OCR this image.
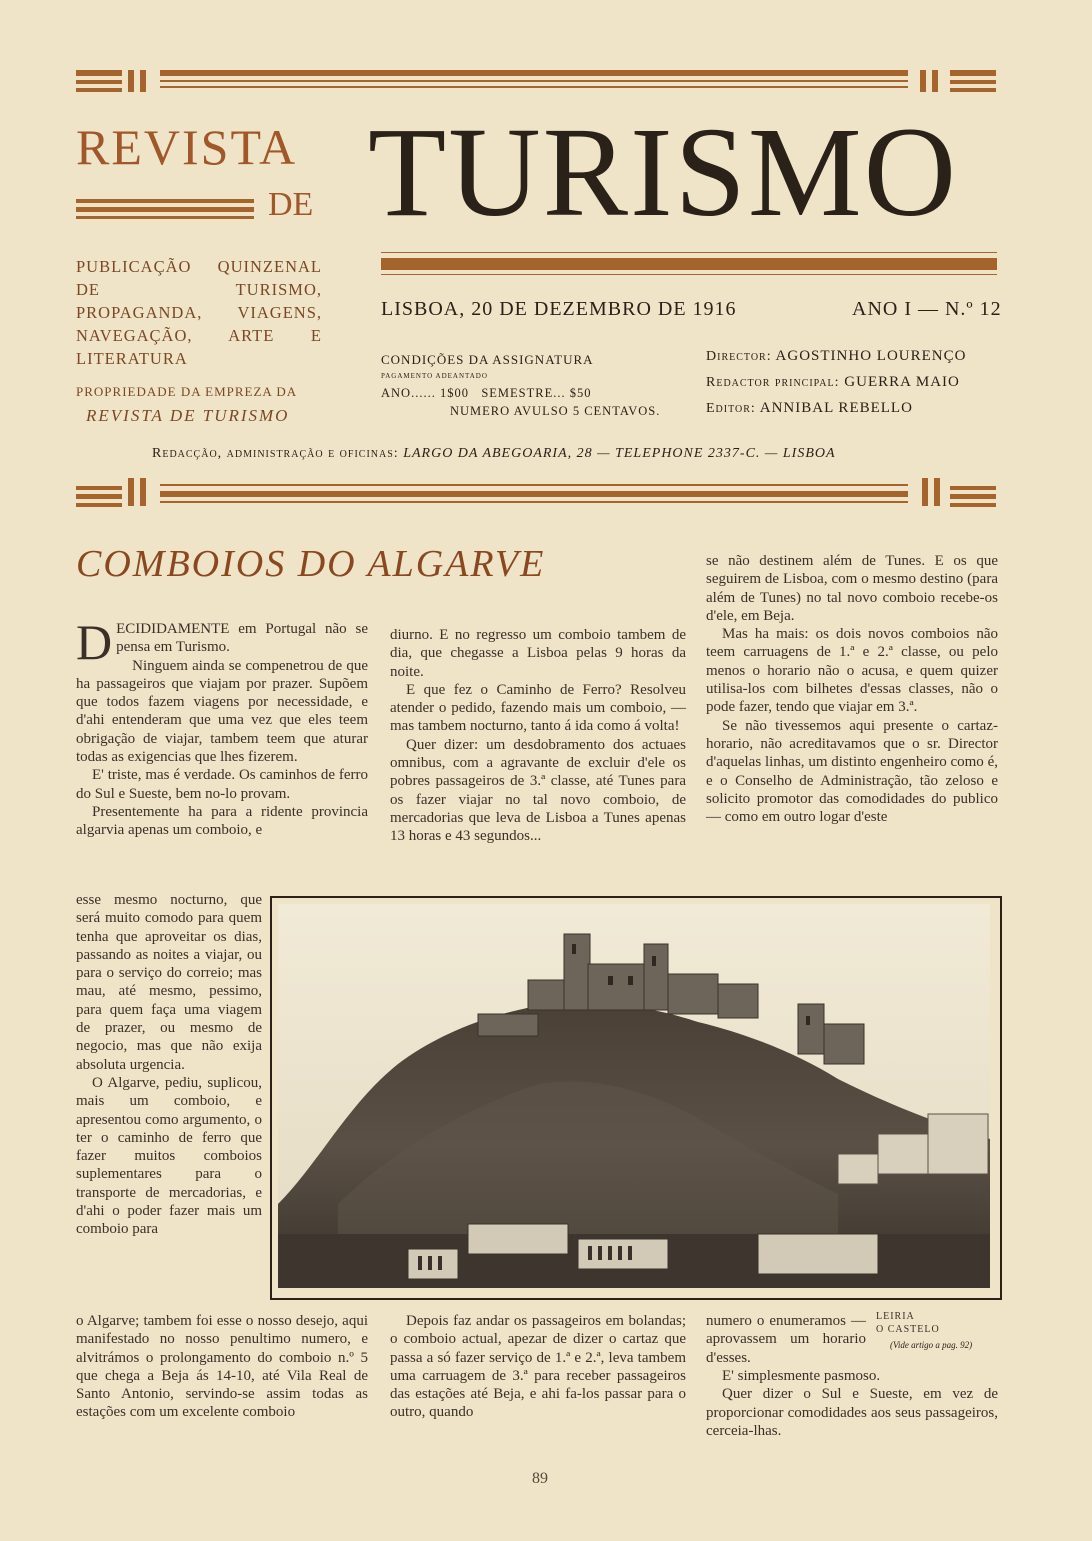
REVISTA
DE TURISMO
PUBLICAÇÃO QUINZENAL DE TURISMO, PROPAGANDA, VIAGENS, NAVEGAÇÃO, ARTE E LITERATURA
PROPRIEDADE DA EMPREZA DA
REVISTA DE TURISMO
LISBOA, 20 DE DEZEMBRO DE 1916	ANO I — N.º 12
CONDIÇÕES DA ASSIGNATURA
PAGAMENTO ADEANTADO
ANO...... 1$00   SEMESTRE... $50
NUMERO AVULSO 5 CENTAVOS.
Director: AGOSTINHO LOURENÇO
Redactor principal: GUERRA MAIO
Editor: ANNIBAL REBELLO
Redacção, administração e oficinas: LARGO DA ABEGOARIA, 28 — TELEPHONE 2337-C. — LISBOA
COMBOIOS DO ALGARVE

DECIDIDAMENTE em Portugal não se pensa em Turismo.

Ninguem ainda se compenetrou de que ha passageiros que viajam por prazer. Supõem que todos fazem viagens por necessidade, e d'ahi entenderam que uma vez que eles teem obrigação de viajar, tambem teem que aturar todas as exigencias que lhes fizerem.

E' triste, mas é verdade. Os caminhos de ferro do Sul e Sueste, bem no-lo provam.

Presentemente ha para a ridente provincia algarvia apenas um comboio, e

esse mesmo nocturno, que será muito comodo para quem tenha que aproveitar os dias, passando as noites a viajar, ou para o serviço do correio; mas mau, até mesmo, pessimo, para quem faça uma viagem de prazer, ou mesmo de negocio, mas que não exija absoluta urgencia.

O Algarve, pediu, suplicou, mais um comboio, e apresentou como argumento, o ter o caminho de ferro que fazer muitos comboios suplementares para o transporte de mercadorias, e d'ahi o poder fazer mais um comboio para

o Algarve; tambem foi esse o nosso desejo, aqui manifestado no nosso penultimo numero, e alvitrámos o prolongamento do comboio n.º 5 que chega a Beja ás 14-10, até Vila Real de Santo Antonio, servindo-se assim todas as estações com um excelente comboio

diurno. E no regresso um comboio tambem de dia, que chegasse a Lisboa pelas 9 horas da noite.

E que fez o Caminho de Ferro? Resolveu atender o pedido, fazendo mais um comboio, — mas tambem nocturno, tanto á ida como á volta!

Quer dizer: um desdobramento dos actuaes omnibus, com a agravante de excluir d'ele os pobres passageiros de 3.ª classe, até Tunes para os fazer viajar no tal novo comboio, de mercadorias que leva de Lisboa a Tunes apenas 13 horas e 43 segundos...

Depois faz andar os passageiros em bolandas; o comboio actual, apezar de dizer o cartaz que passa a só fazer serviço de 1.ª e 2.ª, leva tambem uma carruagem de 3.ª para receber passageiros das estações até Beja, e ahi fa-los passar para o outro, quando

se não destinem além de Tunes. E os que seguirem de Lisboa, com o mesmo destino (para além de Tunes) no tal novo comboio recebe-os d'ele, em Beja.

Mas ha mais: os dois novos comboios não teem carruagens de 1.ª e 2.ª classe, ou pelo menos o horario não o acusa, e quem quizer utilisa-los com bilhetes d'essas classes, não o pode fazer, tendo que viajar em 3.ª.

Se não tivessemos aqui presente o cartaz-horario, não acreditavamos que o sr. Director d'aquelas linhas, um distinto engenheiro como é, e o Conselho de Administração, tão zeloso e solicito promotor das comodidades do publico — como em outro logar d'este

numero o enumeramos — aprovassem um horario d'esses.

E' simplesmente pasmoso.

Quer dizer o Sul e Sueste, em vez de proporcionar comodidades aos seus passageiros, cerceia-lhas.

LEIRIA
O CASTELO
(Vide artigo a pag. 92)
89
